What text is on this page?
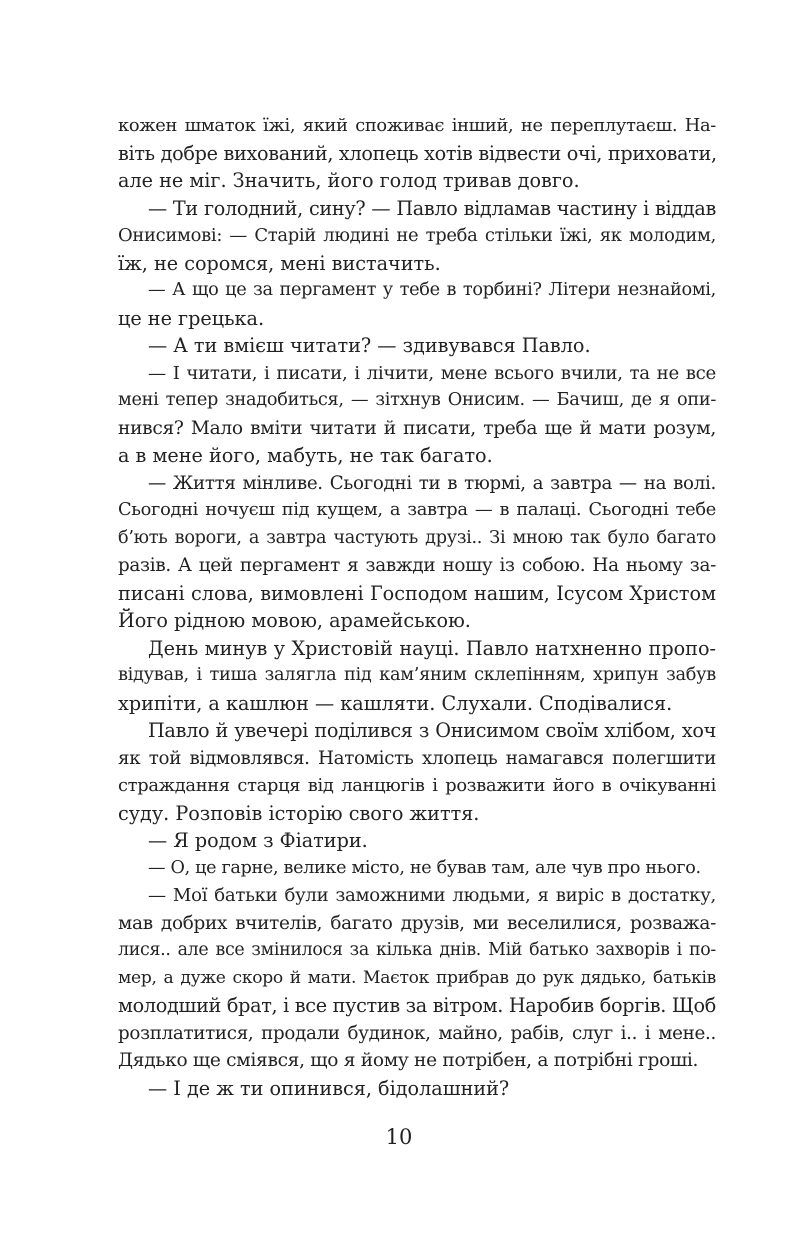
кожен шматок їжі, який споживає інший, не переплутаєш. На-
віть добре вихований, хлопець хотів відвести очі, приховати,
але не міг. Значить, його голод тривав довго.
— Ти голодний, сину? — Павло відламав частину і віддав
Онисимові: — Старій людині не треба стільки їжі, як молодим,
їж, не соромся, мені вистачить.
— А що це за пергамент у тебе в торбині? Літери незнайомі,
це не грецька.
— А ти вмієш читати? — здивувався Павло.
— І читати, і писати, і лічити, мене всього вчили, та не все
мені тепер знадобиться, — зітхнув Онисим. — Бачиш, де я опи-
нився? Мало вміти читати й писати, треба ще й мати розум,
а в мене його, мабуть, не так багато.
— Життя мінливе. Сьогодні ти в тюрмі, а завтра — на волі.
Сьогодні ночуєш під кущем, а завтра — в палаці. Сьогодні тебе
б’ють вороги, а завтра частують друзі.. Зі мною так було багато
разів. А цей пергамент я завжди ношу із собою. На ньому за-
писані слова, вимовлені Господом нашим, Ісусом Христом
Його рідною мовою, арамейською.
День минув у Христовій науці. Павло натхненно пропо-
відував, і тиша залягла під кам’яним склепінням, хрипун забув
хрипіти, а кашлюн — кашляти. Слухали. Сподівалися.
Павло й увечері поділився з Онисимом своїм хлібом, хоч
як той відмовлявся. Натомість хлопець намагався полегшити
страждання старця від ланцюгів і розважити його в очікуванні
суду. Розповів історію свого життя.
— Я родом з Фіатири.
— О, це гарне, велике місто, не бував там, але чув про нього.
— Мої батьки були заможними людьми, я виріс в достатку,
мав добрих вчителів, багато друзів, ми веселилися, розважа-
лися.. але все змінилося за кілька днів. Мій батько захворів і по-
мер, а дуже скоро й мати. Маєток прибрав до рук дядько, батьків
молодший брат, і все пустив за вітром. Наробив боргів. Щоб
розплатитися, продали будинок, майно, рабів, слуг і.. і мене..
Дядько ще сміявся, що я йому не потрібен, а потрібні гроші.
— І де ж ти опинився, бідолашний?
10
